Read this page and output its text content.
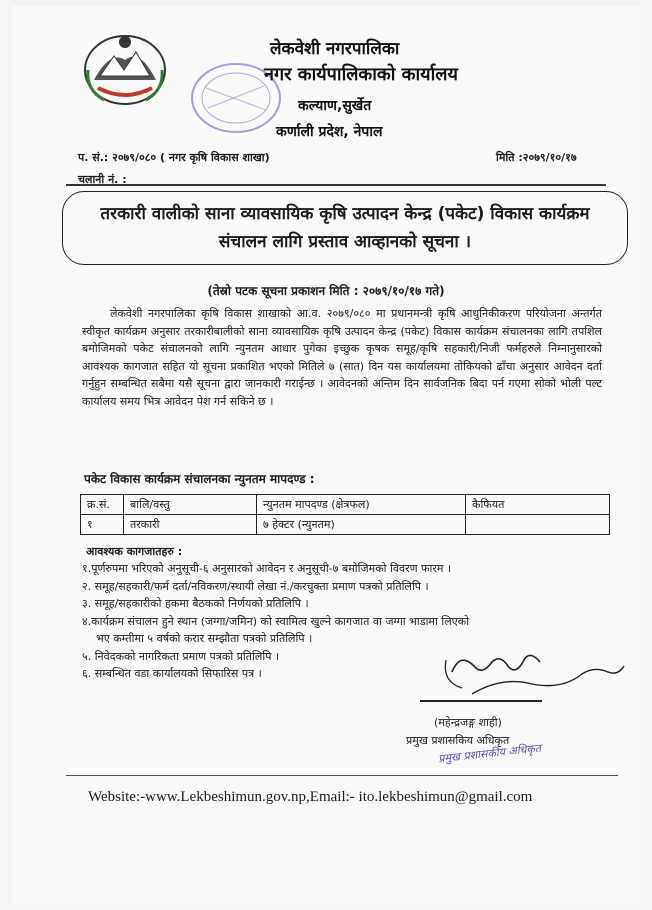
लेकवेशी नगरपालिका
नगर कार्यपालिकाको कार्यालय
कल्याण,सुर्खेत
कर्णाली प्रदेश, नेपाल
प. सं.: २०७९/०८० ( नगर कृषि विकास शाखा)	मिति :२०७९/१०/१७
चलानी नं. :
तरकारी वालीको साना व्यावसायिक कृषि उत्पादन केन्द्र (पकेट) विकास कार्यक्रम
संचालन लागि प्रस्ताव आव्हानको सूचना ।
(तेस्रो पटक सूचना प्रकाशन मिति : २०७९/१०/१७ गते)
लेकवेशी नगरपालिका कृषि विकास शाखाको आ.व. २०७९/०८० मा प्रधानमन्त्री कृषि आधुनिकीकरण परियोजना अन्तर्गत स्वीकृत कार्यक्रम अनुसार तरकारीबालीको साना व्यावसायिक कृषि उत्पादन केन्द्र (पकेट) विकास कार्यक्रम संचालनका लागि तपशिल बमोजिमको पकेट संचालनको लागि न्युनतम आधार पुगेका इच्छुक कृषक समूह/कृषि सहकारी/निजी फर्महरुले निम्नानुसारको आवश्यक कागजात सहित यो सूचना प्रकाशित भएको मितिले ७ (सात) दिन यस कार्यालयमा तोकियको ढाँचा अनुसार आवेदन दर्ता गर्नुहुन सम्बन्धित सबैमा यसै सूचना द्वारा जानकारी गराईन्छ । आवेदनको अन्तिम दिन सार्वजनिक बिदा पर्न गएमा सोको भोली पल्ट कार्यालय समय भित्र आवेदन पेश गर्न सकिने छ ।
पकेट विकास कार्यक्रम संचालनका न्युनतम मापदण्ड :
क्र.सं.	बालि/वस्तु	न्युनतम मापदण्ड (क्षेत्रफल)	कैफियत
१	तरकारी	७ हेक्टर (न्युनतम)	
आवश्यक कागजातहरु :
१.पूर्णरुपमा भरिएको अनुसूची-६ अनुसारको आवेदन र अनुसूची-७ बमोजिमको विवरण फारम ।
२. समूह/सहकारी/फर्म दर्ता/नविकरण/स्थायी लेखा नं./करचुक्ता प्रमाण पत्रको प्रतिलिपि ।
३. समूह/सहकारीको हकमा बैठकको निर्णयको प्रतिलिपि ।
४.कार्यक्रम संचालन हुने स्थान (जग्गा/जमिन) को स्वामित्व खुल्ने कागजात वा जग्गा भाडामा लिएको
भए कम्तीमा ५ वर्षको करार सम्झौता पत्रको प्रतिलिपि ।
५. निवेदकको नागरिकता प्रमाण पत्रको प्रतिलिपि ।
६. सम्बन्धित वडा कार्यालयको सिफारिस पत्र ।
(महेन्द्रजङ्ग शाही)
प्रमुख प्रशासकिय अधिकृत
प्रमुख प्रशासकीय अधिकृत
Website:-www.Lekbeshimun.gov.np,Email:- ito.lekbeshimun@gmail.com
